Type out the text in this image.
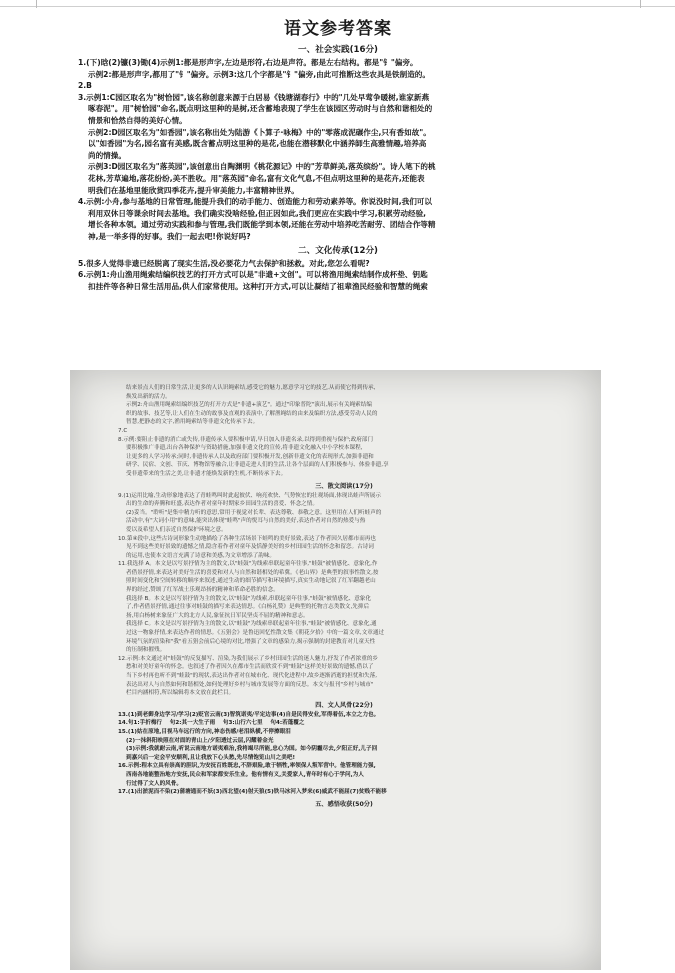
语文参考答案
一、社会实践(16分)
1.(下)晗(2)镰(3)锄(4)示例1:都是形声字,左边是形符,右边是声符。都是左右结构。都是"钅"偏旁。
示例2:都是形声字,都用了"钅"偏旁。示例3:这几个字都是"钅"偏旁,由此可推断这些农具是铁制造的。
2.B
3.示例1:C园区取名为"树恰园",该名称创意来源于白居易《钱塘湖春行》中的"几处早莺争暖树,谁家新燕
啄春泥"。用"树恰园"命名,既点明这里种的是树,还含蓄地表现了学生在该园区劳动时与自然和谐相处的
情景和恰然自得的美好心情。
示例2:D园区取名为"如香园",该名称出处为陆游《卜算子·咏梅》中的"零落成泥碾作尘,只有香如故"。
以"如香园"为名,园名富有美感,既含蓄点明这里种的是花,也能在潜移默化中涵养師生高雅情趣,培养高
尚的情操。
示例3:D园区取名为"落英园",该创意出自陶渊明《桃花源记》中的"芳草鲜美,落英缤纷"。诗人笔下的桃
花林,芳草遍地,落花纷纷,美不胜收。用"落英园"命名,富有文化气息,不但点明这里种的是花卉,还能表
明我们在基地里能欣赏四季花卉,提升审美能力,丰富精神世界。
4.示例:小舟,参与基地的日常管理,能提升我们的动手能力、创造能力和劳动素养等。你说没时间,我们可以
利用双休日等课余时间去基地。我们确实没啥经验,但正因如此,我们更应在实践中学习,积累劳动经验,
增长各种本领。通过劳动实践和参与管理,我们既能学到本领,还能在劳动中培养吃苦耐劳、团结合作等精
神,是一举多得的好事。我们一起去吧!你说好吗?
二、文化传承(12分)
5.很多人觉得非遗已经脱离了现实生活,没必要花力气去保护和拯救。对此,您怎么看呢?
6.示例1:舟山渔用绳索结编织技艺的打开方式可以是"非遗+文创"。可以将渔用绳索结制作成杯垫、钥匙
扣挂件等各种日常生活用品,供人们家常使用。这种打开方式,可以让凝结了祖辈渔民经验和智慧的绳索
结来景点人们的日常生活,让更多的人认识绳索结,感受它的魅力,愿意学习它的技艺,从而使它得到传承,
焕发出新的活力。
示例2:舟山渔用绳索结编织技艺的打开方式是"非遗+演艺"。通过"印象普陀"演出,展示有关绳索结编
织的故事、技艺等,让人们在生动的故事及直观的表演中,了解渔绳结的由来及编织方法,感受劳动人民的
智慧,把静态的文字,渔用绳索结等非遗文化传承下去。
7.C
8.示例:要阻止非遗的消亡或失传,非遗传承人要积极申请,早日加入非遗名录,以得到重视与保护;政府部门
要积极推广非遗,出台各种保护与资助措施,加强非遗文化的宣传,将非遗文化融入中小学校本课程,
让更多的人学习传承;同时,非遗传承人以及政府部门要积极开发,创新非遗文化的表现形式,加强非遗和
研学、民宿、文创、节庆、博物馆等融合,让非遗走进人们的生活,让各个层面的人们积极参与、体验非遗,享
受非遗带来的生活之美,让非遗才能焕发新的生机,不断传承下去。
三、散文阅读(17分)
9.(1)运用比喻,生动形象地表达了青蛙鸣叫时此起彼伏、响亮欢快、气势恢宏的壮观场面,体现出蛙声所展示
出的生命的奔腾和旺盛,表达作者对童年时期家乡田园生活的喜爱、怀念之情。
(2)妥当。"聆听"是集中精力听的意思,常用于视觉对长辈、表达尊敬、恭敬之意。这里用在人们听蛙声的
活动中,有"大词小用"的意味,能突出体现"蛙鸣"声的悦耳与自然的美好,表达作者对自然的热爱与热
爱以及希望人们亲近自然保护环境之意。
10.第④段中,这些古诗词形象生动地描绘了各种生活场景下蛙鸣的美好景致,表达了作者因久居都市而再也
见不到这些美好景致的遗憾之情,隐含着作者对童年及恬静美好的乡村田园生活的怀念和留恋。古诗词
的运用,也使本文语言充满了诗意和美感,为文章增添了韵味。
11.我选择 A。本文是以写景抒情为主的散文,以"蛙鼓"为线索串联起童年往事,"蛙鼓"被情感化、意象化,作
者借景抒情,来表达对美好生活的喜爱和对人与自然和谐相处的希冀。《老山界》是典型的叙事性散文,按
照时间变化和空间转移的顺序来叙述,通过生动的细节描写和环境描写,真实生动地记叙了红军翻越老山
界的经过,赞颂了红军战士乐观昂扬的精神和革命必胜的信念。
我选择 B。本文是以写景抒情为主的散文,以"蛙鼓"为线索,串联起童年往事,"蛙鼓"被情感化、意象化
了,作者借景抒情,通过往事对蛙鼓的描写来表达情思。《白杨礼赞》是典型的托物言志类散文,先抑后
扬,用白杨树来象征广大的北方人民,象征抗日军民坚贞不屈的精神和意志。
我选择 C。本文是以写景抒情为主的散文,以"蛙鼓"为线索串联起童年往事,"蛙鼓"被情感化、意象化,通
过这一物象抒情,来表达作者的情思。《五猖会》是鲁迅回忆性散文集《朝花夕拾》中的一篇文章,文章通过
环境气氛的渲染和"我"看五猖会前后心境的对比,增强了文章的感染力,揭示强制的封建教育对儿童天性
的压制和摧残。
12.示例:本文通过对"蛙鼓"的反复描写、渲染,为我们展示了乡村田园生活的迷人魅力,抒发了作者浓重的乡
愁和对美好童年的怀念。也叙述了作者因久在都市生活而欣赏不到"蛙鼓"这样美好景致的遗憾,借以了
当下乡村再也听不到"蛙鼓"的现状,表达出作者对在城市化、现代化进程中,故乡逐渐消逝的担忧和失落,
表达出对人与自然如何和谐相处,如何处理好乡村与城市发展等方面的反思。本文与报刊"乡村与城市"
栏目内涵相符,所以编辑将本文放在此栏目。
四、文人风骨(22分)
13.(1)到老御身边学习/学习(2)贬官云南(3)智筑诺夷/平定边事(4)自是民得安业,军得着伍,本立之力也。
14.句1:手折梅行    句2:其一大生子雨    句3:山行六七里    句4:若蓬覆之
15.(1)姑在原地,目视马车远行的方向,神态伤感/老泪纵横,不停擦眼泪
(2)一抹斜阳映照在对面的青山上/夕阳透过云层,闪耀着金光
(3)示例:我就耐云南,听说云南地方诺夷难治,我将竭尽所能,忠心为国。如今阴霾尽去,夕阳正好,儿子回
到嘉兴后一定会平安顺利,且让我放下心头愁,先尽情饱览山川之美吧!
16.示例:程本立具有崇高的胆识,为安抚百姓既忠,不辞艰险,敢于牺牲,率领保人叛军营中。他管理能力强,
西南各地能整治地方安抚,民众和军家都安乐生业。他有情有义,关爱家人,青年时有心于学问,为人
行过得了文人的风骨。
17.(1)出淤泥而不染(2)蒲塘通而不妖(3)西北望(4)射天狼(5)铁马冰河入梦来(6)威武不能屈(7)贫贱不能移
五、感悟收获(50分)
